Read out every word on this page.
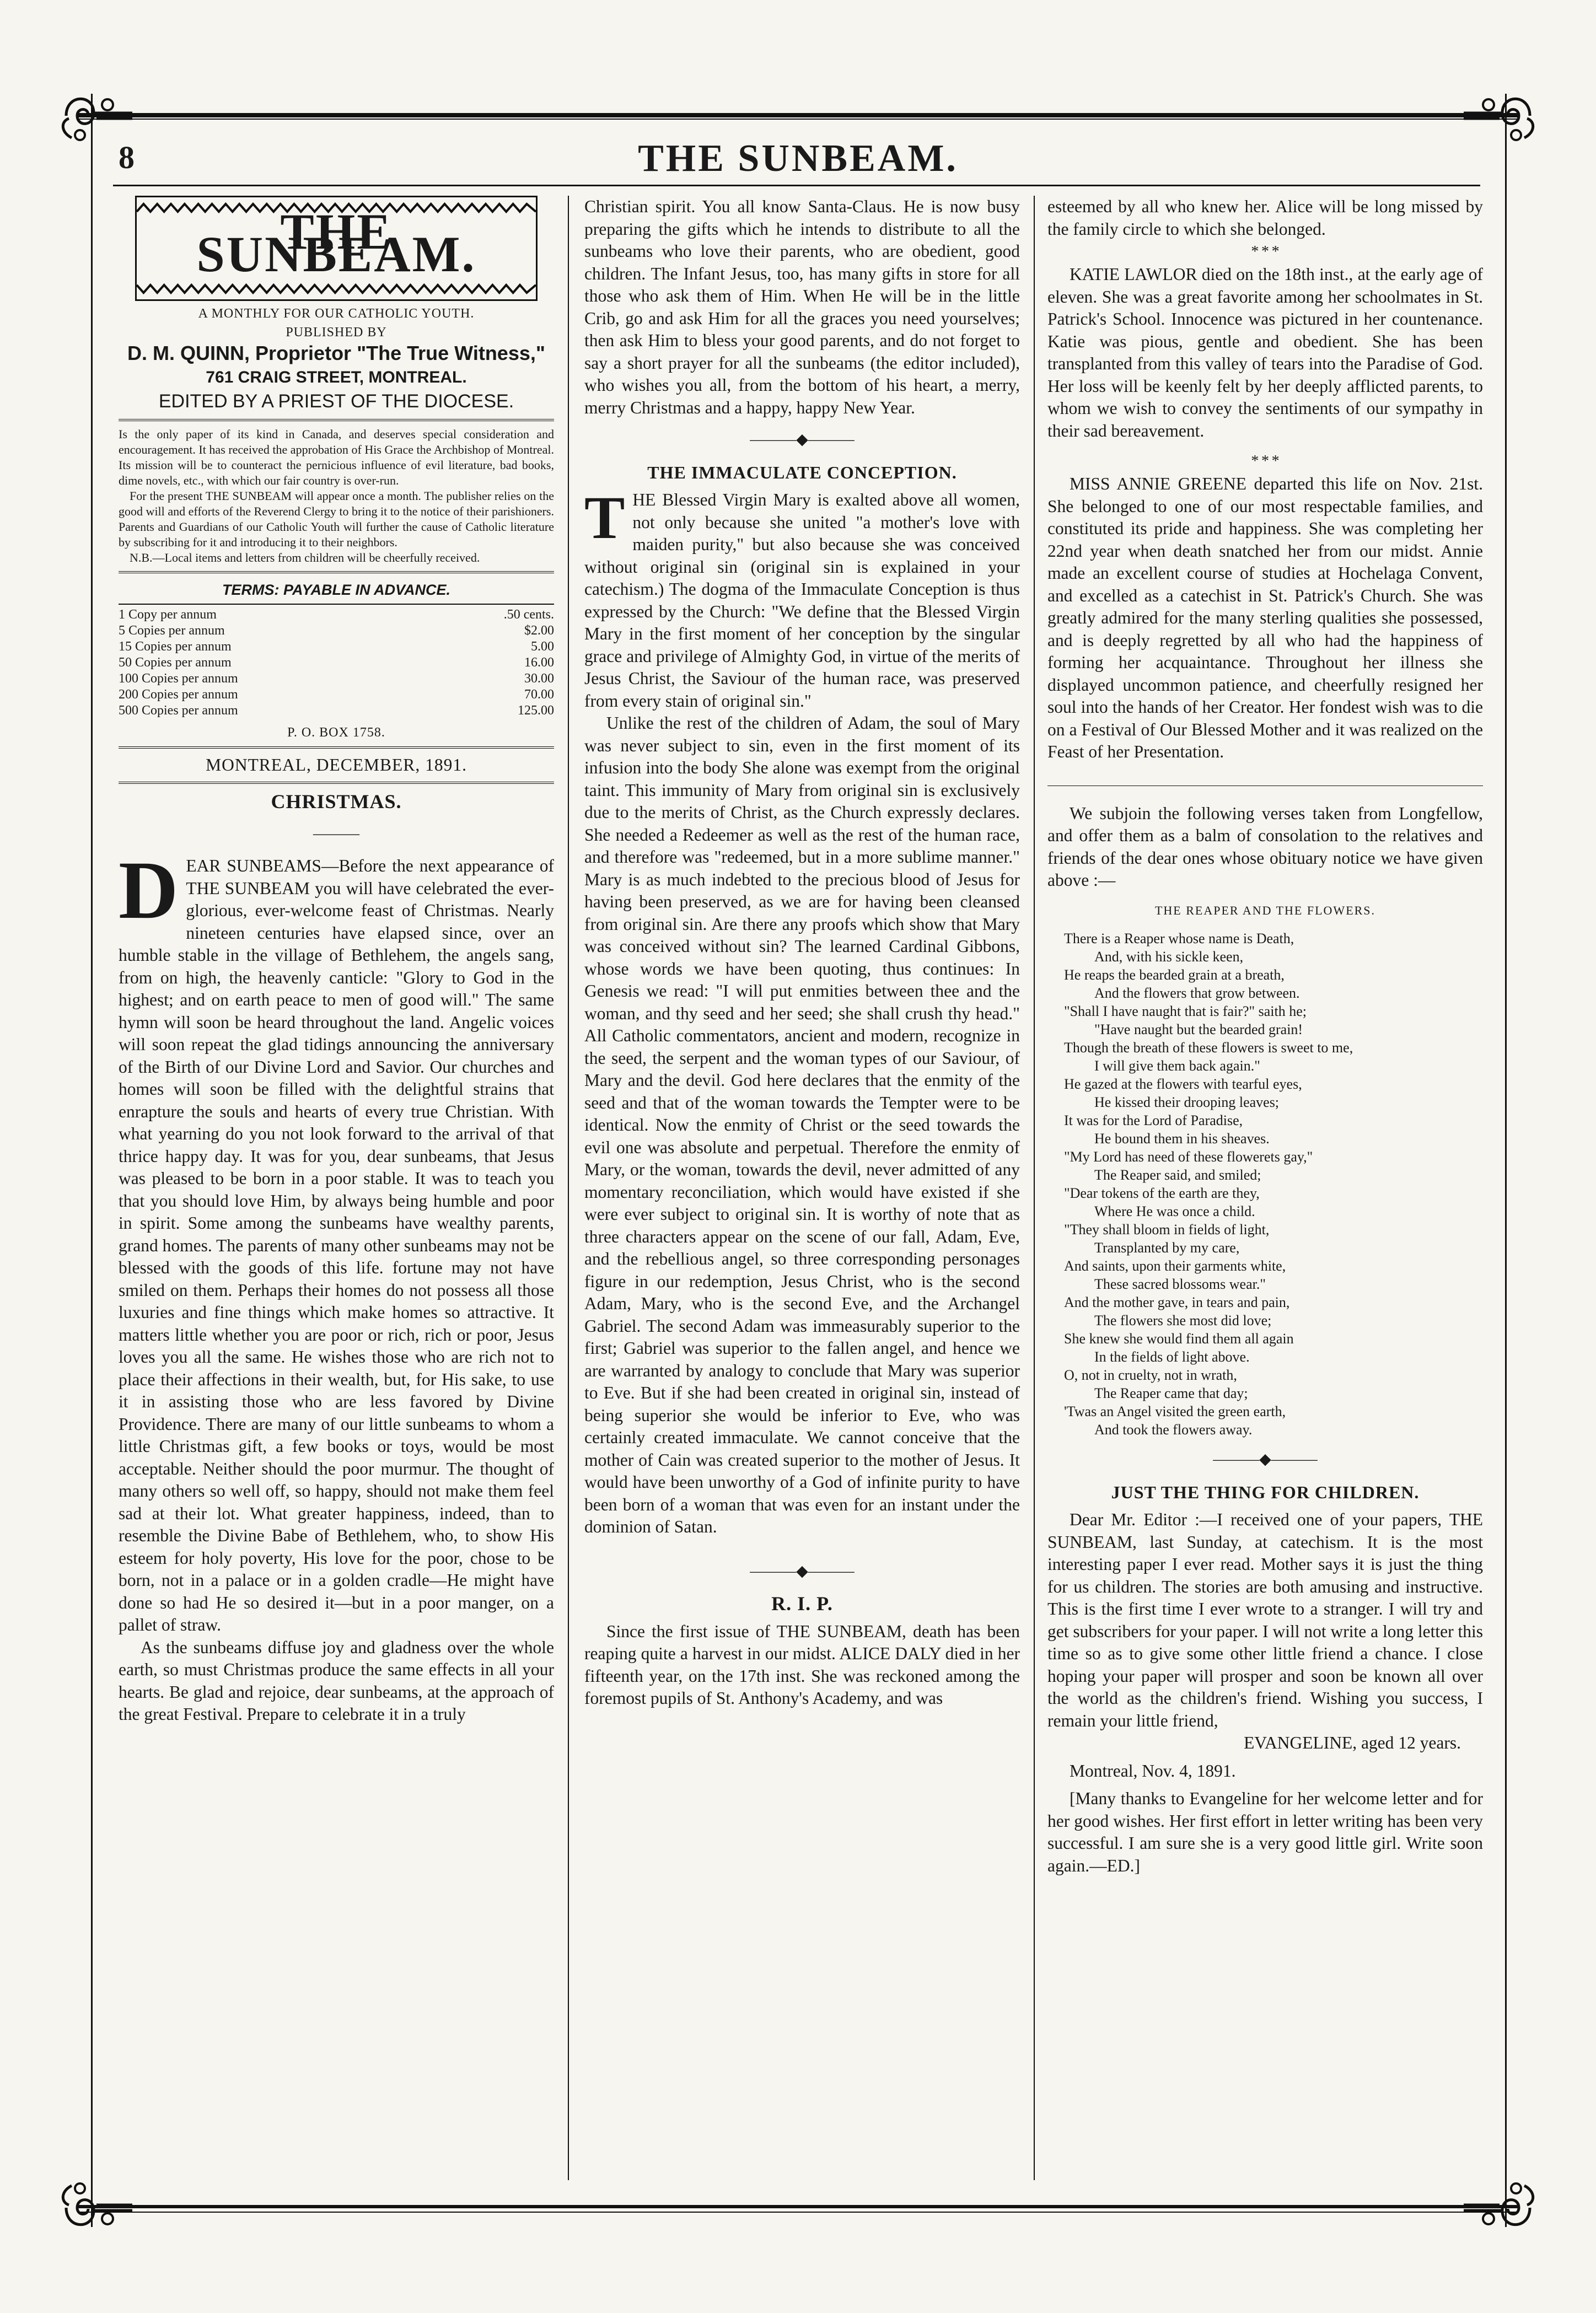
8	THE SUNBEAM.
THE SUNBEAM.

A MONTHLY FOR OUR CATHOLIC YOUTH.

PUBLISHED BY

D. M. QUINN, Proprietor "The True Witness,"

761 CRAIG STREET, MONTREAL.

EDITED BY A PRIEST OF THE DIOCESE.

Is the only paper of its kind in Canada, and deserves special consideration and encouragement. It has received the approbation of His Grace the Archbishop of Montreal. Its mission will be to counteract the pernicious influence of evil literature, bad books, dime novels, etc., with which our fair country is over-run.

For the present THE SUNBEAM will appear once a month. The publisher relies on the good will and efforts of the Reverend Clergy to bring it to the notice of their parishioners. Parents and Guardians of our Catholic Youth will further the cause of Catholic literature by subscribing for it and introducing it to their neighbors.

N.B.—Local items and letters from children will be cheerfully received.

TERMS: PAYABLE IN ADVANCE.

1 Copy per annum	.50 cents.
5 Copies per annum	$2.00
15 Copies per annum	5.00
50 Copies per annum	16.00
100 Copies per annum	30.00
200 Copies per annum	70.00
500 Copies per annum	125.00

P. O. BOX 1758.

MONTREAL, DECEMBER, 1891.

CHRISTMAS.
―――

DEAR SUNBEAMS—Before the next appearance of THE SUNBEAM you will have celebrated the ever-glorious, ever-welcome feast of Christmas. Nearly nineteen centuries have elapsed since, over an humble stable in the village of Bethlehem, the angels sang, from on high, the heavenly canticle: "Glory to God in the highest; and on earth peace to men of good will." The same hymn will soon be heard throughout the land. Angelic voices will soon repeat the glad tidings announcing the anniversary of the Birth of our Divine Lord and Savior. Our churches and homes will soon be filled with the delightful strains that enrapture the souls and hearts of every true Christian. With what yearning do you not look forward to the arrival of that thrice happy day. It was for you, dear sunbeams, that Jesus was pleased to be born in a poor stable. It was to teach you that you should love Him, by always being humble and poor in spirit. Some among the sunbeams have wealthy parents, grand homes. The parents of many other sunbeams may not be blessed with the goods of this life. fortune may not have smiled on them. Perhaps their homes do not possess all those luxuries and fine things which make homes so attractive. It matters little whether you are poor or rich, rich or poor, Jesus loves you all the same. He wishes those who are rich not to place their affections in their wealth, but, for His sake, to use it in assisting those who are less favored by Divine Providence. There are many of our little sunbeams to whom a little Christmas gift, a few books or toys, would be most acceptable. Neither should the poor murmur. The thought of many others so well off, so happy, should not make them feel sad at their lot. What greater happiness, indeed, than to resemble the Divine Babe of Bethlehem, who, to show His esteem for holy poverty, His love for the poor, chose to be born, not in a palace or in a golden cradle—He might have done so had He so desired it—but in a poor manger, on a pallet of straw.

As the sunbeams diffuse joy and gladness over the whole earth, so must Christmas produce the same effects in all your hearts. Be glad and rejoice, dear sunbeams, at the approach of the great Festival. Prepare to celebrate it in a truly

Christian spirit. You all know Santa-Claus. He is now busy preparing the gifts which he intends to distribute to all the sunbeams who love their parents, who are obedient, good children. The Infant Jesus, too, has many gifts in store for all those who ask them of Him. When He will be in the little Crib, go and ask Him for all the graces you need yourselves; then ask Him to bless your good parents, and do not forget to say a short prayer for all the sunbeams (the editor included), who wishes you all, from the bottom of his heart, a merry, merry Christmas and a happy, happy New Year.

―――◆―――
THE IMMACULATE CONCEPTION.

THE Blessed Virgin Mary is exalted above all women, not only because she united "a mother's love with maiden purity," but also because she was conceived without original sin (original sin is explained in your catechism.) The dogma of the Immaculate Conception is thus expressed by the Church: "We define that the Blessed Virgin Mary in the first moment of her conception by the singular grace and privilege of Almighty God, in virtue of the merits of Jesus Christ, the Saviour of the human race, was preserved from every stain of original sin."

Unlike the rest of the children of Adam, the soul of Mary was never subject to sin, even in the first moment of its infusion into the body She alone was exempt from the original taint. This immunity of Mary from original sin is exclusively due to the merits of Christ, as the Church expressly declares. She needed a Redeemer as well as the rest of the human race, and therefore was "redeemed, but in a more sublime manner." Mary is as much indebted to the precious blood of Jesus for having been preserved, as we are for having been cleansed from original sin. Are there any proofs which show that Mary was conceived without sin? The learned Cardinal Gibbons, whose words we have been quoting, thus continues: In Genesis we read: "I will put enmities between thee and the woman, and thy seed and her seed; she shall crush thy head." All Catholic commentators, ancient and modern, recognize in the seed, the serpent and the woman types of our Saviour, of Mary and the devil. God here declares that the enmity of the seed and that of the woman towards the Tempter were to be identical. Now the enmity of Christ or the seed towards the evil one was absolute and perpetual. Therefore the enmity of Mary, or the woman, towards the devil, never admitted of any momentary reconciliation, which would have existed if she were ever subject to original sin. It is worthy of note that as three characters appear on the scene of our fall, Adam, Eve, and the rebellious angel, so three corresponding personages figure in our redemption, Jesus Christ, who is the second Adam, Mary, who is the second Eve, and the Archangel Gabriel. The second Adam was immeasurably superior to the first; Gabriel was superior to the fallen angel, and hence we are warranted by analogy to conclude that Mary was superior to Eve. But if she had been created in original sin, instead of being superior she would be inferior to Eve, who was certainly created immaculate. We cannot conceive that the mother of Cain was created superior to the mother of Jesus. It would have been unworthy of a God of infinite purity to have been born of a woman that was even for an instant under the dominion of Satan.

―――◆―――
R. I. P.

Since the first issue of THE SUNBEAM, death has been reaping quite a harvest in our midst. ALICE DALY died in her fifteenth year, on the 17th inst. She was reckoned among the foremost pupils of St. Anthony's Academy, and was

esteemed by all who knew her. Alice will be long missed by the family circle to which she belonged.

* * *

KATIE LAWLOR died on the 18th inst., at the early age of eleven. She was a great favorite among her schoolmates in St. Patrick's School. Innocence was pictured in her countenance. Katie was pious, gentle and obedient. She has been transplanted from this valley of tears into the Paradise of God. Her loss will be keenly felt by her deeply afflicted parents, to whom we wish to convey the sentiments of our sympathy in their sad bereavement.

* * *

MISS ANNIE GREENE departed this life on Nov. 21st. She belonged to one of our most respectable families, and constituted its pride and happiness. She was completing her 22nd year when death snatched her from our midst. Annie made an excellent course of studies at Hochelaga Convent, and excelled as a catechist in St. Patrick's Church. She was greatly admired for the many sterling qualities she possessed, and is deeply regretted by all who had the happiness of forming her acquaintance. Throughout her illness she displayed uncommon patience, and cheerfully resigned her soul into the hands of her Creator. Her fondest wish was to die on a Festival of Our Blessed Mother and it was realized on the Feast of her Presentation.

We subjoin the following verses taken from Longfellow, and offer them as a balm of consolation to the relatives and friends of the dear ones whose obituary notice we have given above :—

THE REAPER AND THE FLOWERS.
There is a Reaper whose name is Death,
And, with his sickle keen,
He reaps the bearded grain at a breath,
And the flowers that grow between.
"Shall I have naught that is fair?" saith he;
"Have naught but the bearded grain!
Though the breath of these flowers is sweet to me,
I will give them back again."
He gazed at the flowers with tearful eyes,
He kissed their drooping leaves;
It was for the Lord of Paradise,
He bound them in his sheaves.
"My Lord has need of these flowerets gay,"
The Reaper said, and smiled;
"Dear tokens of the earth are they,
Where He was once a child.
"They shall bloom in fields of light,
Transplanted by my care,
And saints, upon their garments white,
These sacred blossoms wear."
And the mother gave, in tears and pain,
The flowers she most did love;
She knew she would find them all again
In the fields of light above.
O, not in cruelty, not in wrath,
The Reaper came that day;
'Twas an Angel visited the green earth,
And took the flowers away.
―――◆―――
JUST THE THING FOR CHILDREN.

Dear Mr. Editor :—I received one of your papers, THE SUNBEAM, last Sunday, at catechism. It is the most interesting paper I ever read. Mother says it is just the thing for us children. The stories are both amusing and instructive. This is the first time I ever wrote to a stranger. I will try and get subscribers for your paper. I will not write a long letter this time so as to give some other little friend a chance. I close hoping your paper will prosper and soon be known all over the world as the children's friend. Wishing you success, I remain your little friend,

EVANGELINE, aged 12 years.

Montreal, Nov. 4, 1891.

[Many thanks to Evangeline for her welcome letter and for her good wishes. Her first effort in letter writing has been very successful. I am sure she is a very good little girl. Write soon again.—ED.]
